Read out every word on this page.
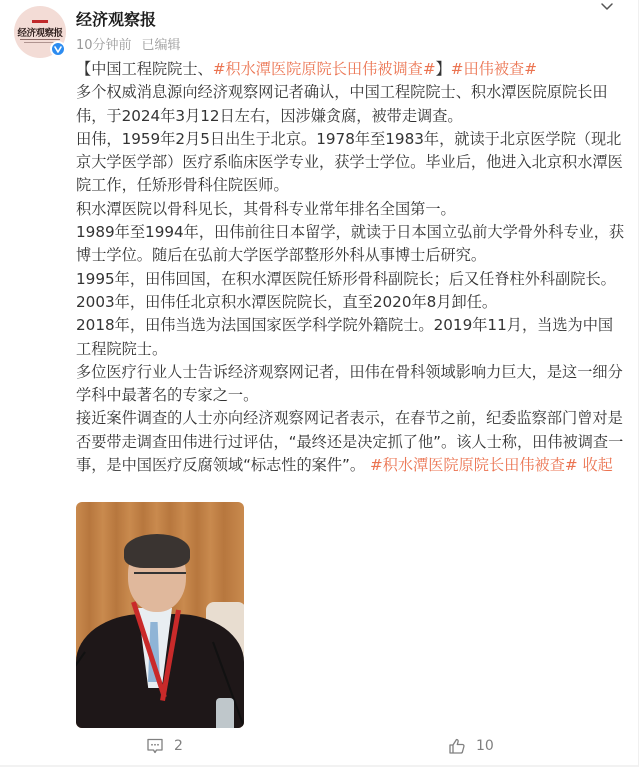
经济观察报
经济观察报
10分钟前 已编辑

【中国工程院院士、#积水潭医院原院长田伟被调查#】#田伟被查#

多个权威消息源向经济观察网记者确认，中国工程院院士、积水潭医院原院长田伟，于2024年3月12日左右，因涉嫌贪腐，被带走调查。

田伟，1959年2月5日出生于北京。1978年至1983年，就读于北京医学院（现北京大学医学部）医疗系临床医学专业，获学士学位。毕业后，他进入北京积水潭医院工作，任矫形骨科住院医师。

积水潭医院以骨科见长，其骨科专业常年排名全国第一。

1989年至1994年，田伟前往日本留学，就读于日本国立弘前大学骨外科专业，获博士学位。随后在弘前大学医学部整形外科从事博士后研究。

1995年，田伟回国，在积水潭医院任矫形骨科副院长；后又任脊柱外科副院长。

2003年，田伟任北京积水潭医院院长，直至2020年8月卸任。

2018年，田伟当选为法国国家医学科学院外籍院士。2019年11月，当选为中国工程院院士。

多位医疗行业人士告诉经济观察网记者，田伟在骨科领域影响力巨大，是这一细分学科中最著名的专家之一。

接近案件调查的人士亦向经济观察网记者表示，在春节之前，纪委监察部门曾对是否要带走调查田伟进行过评估，“最终还是决定抓了他”。该人士称，田伟被调查一事，是中国医疗反腐领域“标志性的案件”。 #积水潭医院原院长田伟被查# 收起

2	10
